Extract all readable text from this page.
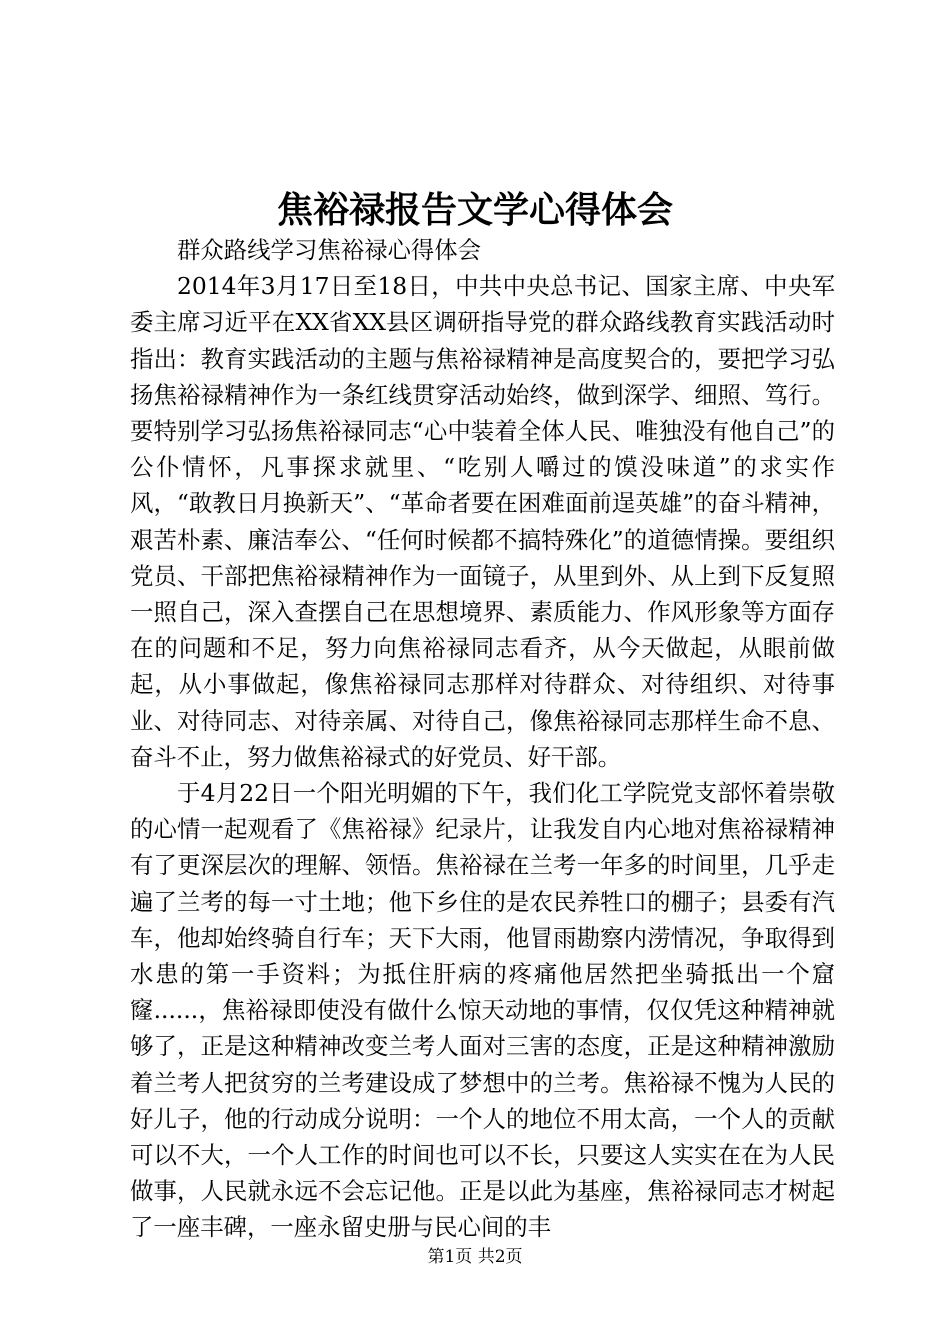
焦裕禄报告文学心得体会

群众路线学习焦裕禄心得体会

2014年3月17日至18日，中共中央总书记、国家主席、中央军委主席习近平在XX省XX县区调研指导党的群众路线教育实践活动时指出：教育实践活动的主题与焦裕禄精神是高度契合的，要把学习弘扬焦裕禄精神作为一条红线贯穿活动始终，做到深学、细照、笃行。要特别学习弘扬焦裕禄同志“心中装着全体人民、唯独没有他自己”的公仆情怀，凡事探求就里、“吃别人嚼过的馍没味道”的求实作风，“敢教日月换新天”、“革命者要在困难面前逞英雄”的奋斗精神，艰苦朴素、廉洁奉公、“任何时候都不搞特殊化”的道德情操。要组织党员、干部把焦裕禄精神作为一面镜子，从里到外、从上到下反复照一照自己，深入查摆自己在思想境界、素质能力、作风形象等方面存在的问题和不足，努力向焦裕禄同志看齐，从今天做起，从眼前做起，从小事做起，像焦裕禄同志那样对待群众、对待组织、对待事业、对待同志、对待亲属、对待自己，像焦裕禄同志那样生命不息、奋斗不止，努力做焦裕禄式的好党员、好干部。

于4月22日一个阳光明媚的下午，我们化工学院党支部怀着崇敬的心情一起观看了《焦裕禄》纪录片，让我发自内心地对焦裕禄精神有了更深层次的理解、领悟。焦裕禄在兰考一年多的时间里，几乎走遍了兰考的每一寸土地；他下乡住的是农民养牲口的棚子；县委有汽车，他却始终骑自行车；天下大雨，他冒雨勘察内涝情况，争取得到水患的第一手资料；为抵住肝病的疼痛他居然把坐骑抵出一个窟窿......，焦裕禄即使没有做什么惊天动地的事情，仅仅凭这种精神就够了，正是这种精神改变兰考人面对三害的态度，正是这种精神激励着兰考人把贫穷的兰考建设成了梦想中的兰考。焦裕禄不愧为人民的好儿子，他的行动成分说明：一个人的地位不用太高，一个人的贡献可以不大，一个人工作的时间也可以不长，只要这人实实在在为人民做事，人民就永远不会忘记他。正是以此为基座，焦裕禄同志才树起了一座丰碑，一座永留史册与民心间的丰

第1页 共2页
